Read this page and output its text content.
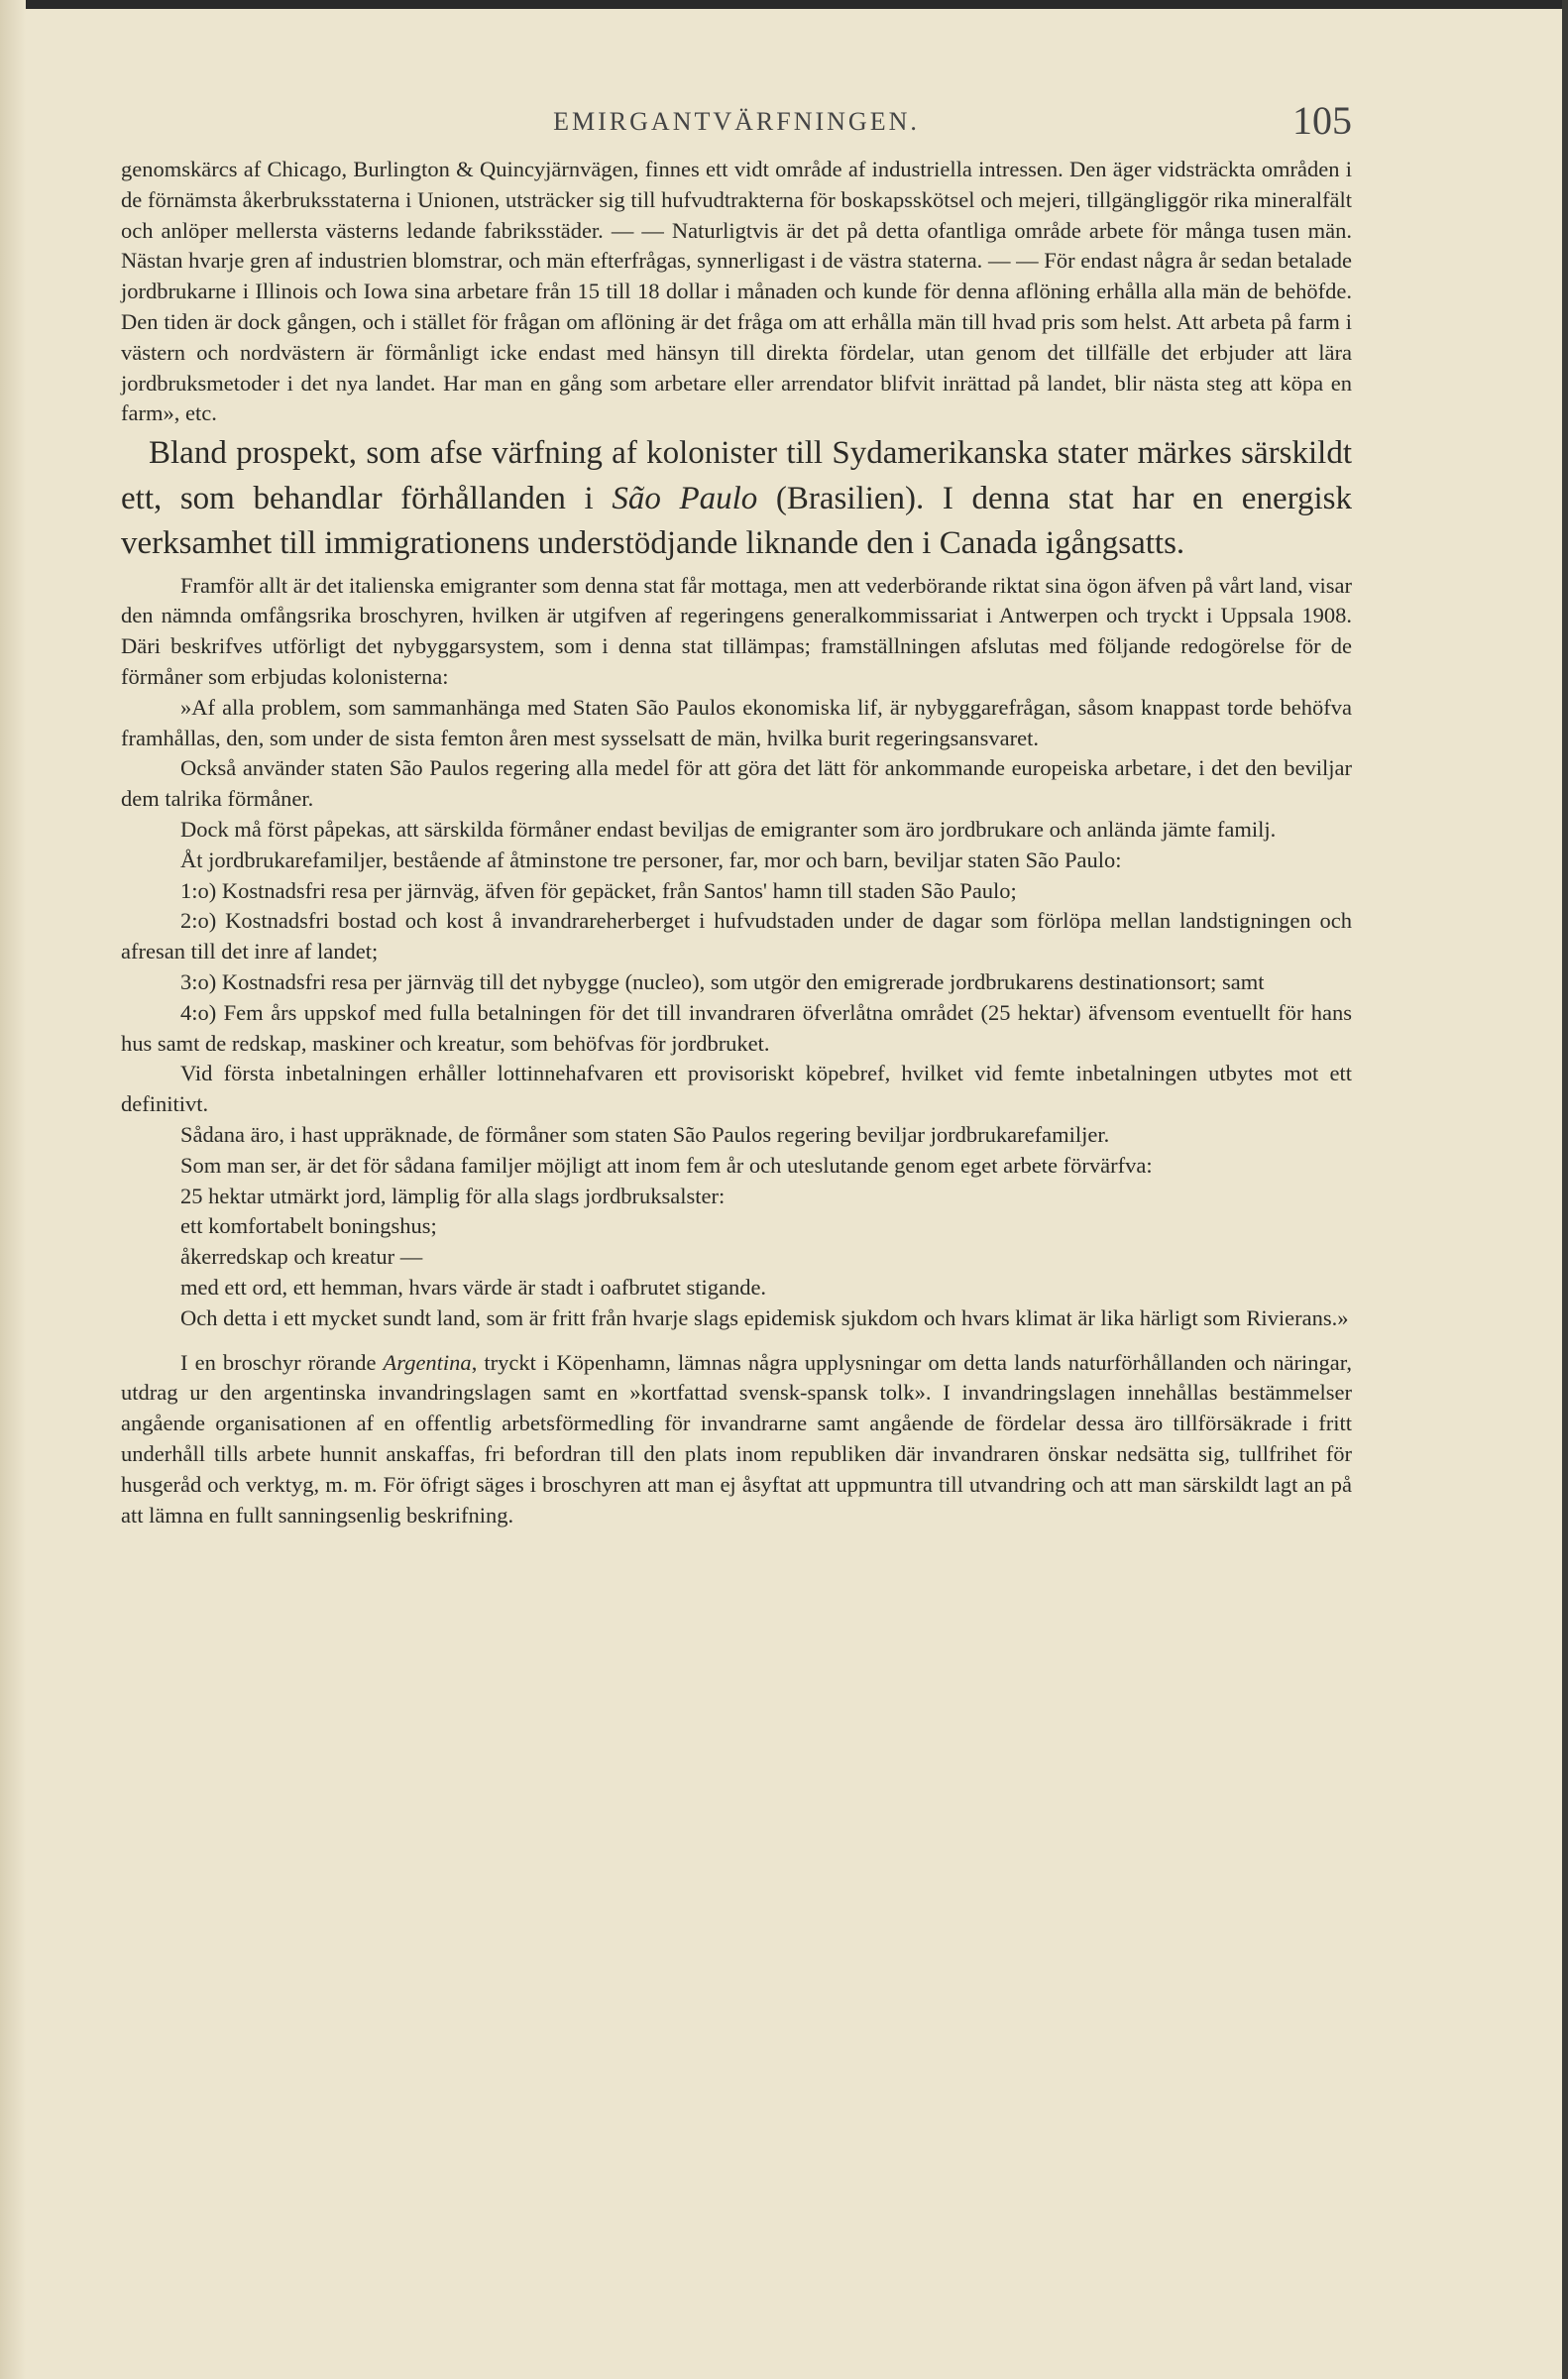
EMIRGANTVÄRFNINGEN.	105

genomskärcs af Chicago, Burlington & Quincyjärnvägen, finnes ett vidt område af industriella intressen. Den äger vidsträckta områden i de förnämsta åkerbruksstaterna i Unionen, utsträcker sig till hufvudtrakterna för boskapsskötsel och mejeri, tillgängliggör rika mineralfält och anlöper mellersta västerns ledande fabriksstäder. — — Naturligtvis är det på detta ofantliga område arbete för många tusen män. Nästan hvarje gren af industrien blomstrar, och män efterfrågas, synnerligast i de västra staterna. — — För endast några år sedan betalade jordbrukarne i Illinois och Iowa sina arbetare från 15 till 18 dollar i månaden och kunde för denna aflöning erhålla alla män de behöfde. Den tiden är dock gången, och i stället för frågan om aflöning är det fråga om att erhålla män till hvad pris som helst. Att arbeta på farm i västern och nordvästern är förmånligt icke endast med hänsyn till direkta fördelar, utan genom det tillfälle det erbjuder att lära jordbruksmetoder i det nya landet. Har man en gång som arbetare eller arrendator blifvit inrättad på landet, blir nästa steg att köpa en farm», etc.

Bland prospekt, som afse värfning af kolonister till Sydamerikanska stater märkes särskildt ett, som behandlar förhållanden i São Paulo (Brasilien). I denna stat har en energisk verksamhet till immigrationens understödjande liknande den i Canada igångsatts.

Framför allt är det italienska emigranter som denna stat får mottaga, men att vederbörande riktat sina ögon äfven på vårt land, visar den nämnda omfångsrika broschyren, hvilken är utgifven af regeringens generalkommissariat i Antwerpen och tryckt i Uppsala 1908. Däri beskrifves utförligt det nybyggarsystem, som i denna stat tillämpas; framställningen afslutas med följande redogörelse för de förmåner som erbjudas kolonisterna:

»Af alla problem, som sammanhänga med Staten São Paulos ekonomiska lif, är nybyggarefrågan, såsom knappast torde behöfva framhållas, den, som under de sista femton åren mest sysselsatt de män, hvilka burit regeringsansvaret.

Också använder staten São Paulos regering alla medel för att göra det lätt för ankommande europeiska arbetare, i det den beviljar dem talrika förmåner.

Dock må först påpekas, att särskilda förmåner endast beviljas de emigranter som äro jordbrukare och anlända jämte familj.

Åt jordbrukarefamiljer, bestående af åtminstone tre personer, far, mor och barn, beviljar staten São Paulo:

1:o) Kostnadsfri resa per järnväg, äfven för gepäcket, från Santos' hamn till staden São Paulo;

2:o) Kostnadsfri bostad och kost å invandrareherberget i hufvudstaden under de dagar som förlöpa mellan landstigningen och afresan till det inre af landet;

3:o) Kostnadsfri resa per järnväg till det nybygge (nucleo), som utgör den emigrerade jordbrukarens destinationsort; samt

4:o) Fem års uppskof med fulla betalningen för det till invandraren öfverlåtna området (25 hektar) äfvensom eventuellt för hans hus samt de redskap, maskiner och kreatur, som behöfvas för jordbruket.

Vid första inbetalningen erhåller lottinnehafvaren ett provisoriskt köpebref, hvilket vid femte inbetalningen utbytes mot ett definitivt.

Sådana äro, i hast uppräknade, de förmåner som staten São Paulos regering beviljar jordbrukarefamiljer.

Som man ser, är det för sådana familjer möjligt att inom fem år och uteslutande genom eget arbete förvärfva:

25 hektar utmärkt jord, lämplig för alla slags jordbruksalster:

ett komfortabelt boningshus;

åkerredskap och kreatur —

med ett ord, ett hemman, hvars värde är stadt i oafbrutet stigande.

Och detta i ett mycket sundt land, som är fritt från hvarje slags epidemisk sjukdom och hvars klimat är lika härligt som Rivierans.»

I en broschyr rörande Argentina, tryckt i Köpenhamn, lämnas några upplysningar om detta lands naturförhållanden och näringar, utdrag ur den argentinska invandringslagen samt en »kortfattad svensk-spansk tolk». I invandringslagen innehållas bestämmelser angående organisationen af en offentlig arbetsförmedling för invandrarne samt angående de fördelar dessa äro tillförsäkrade i fritt underhåll tills arbete hunnit anskaffas, fri befordran till den plats inom republiken där invandraren önskar nedsätta sig, tullfrihet för husgeråd och verktyg, m. m. För öfrigt säges i broschyren att man ej åsyftat att uppmuntra till utvandring och att man särskildt lagt an på att lämna en fullt sanningsenlig beskrifning.
